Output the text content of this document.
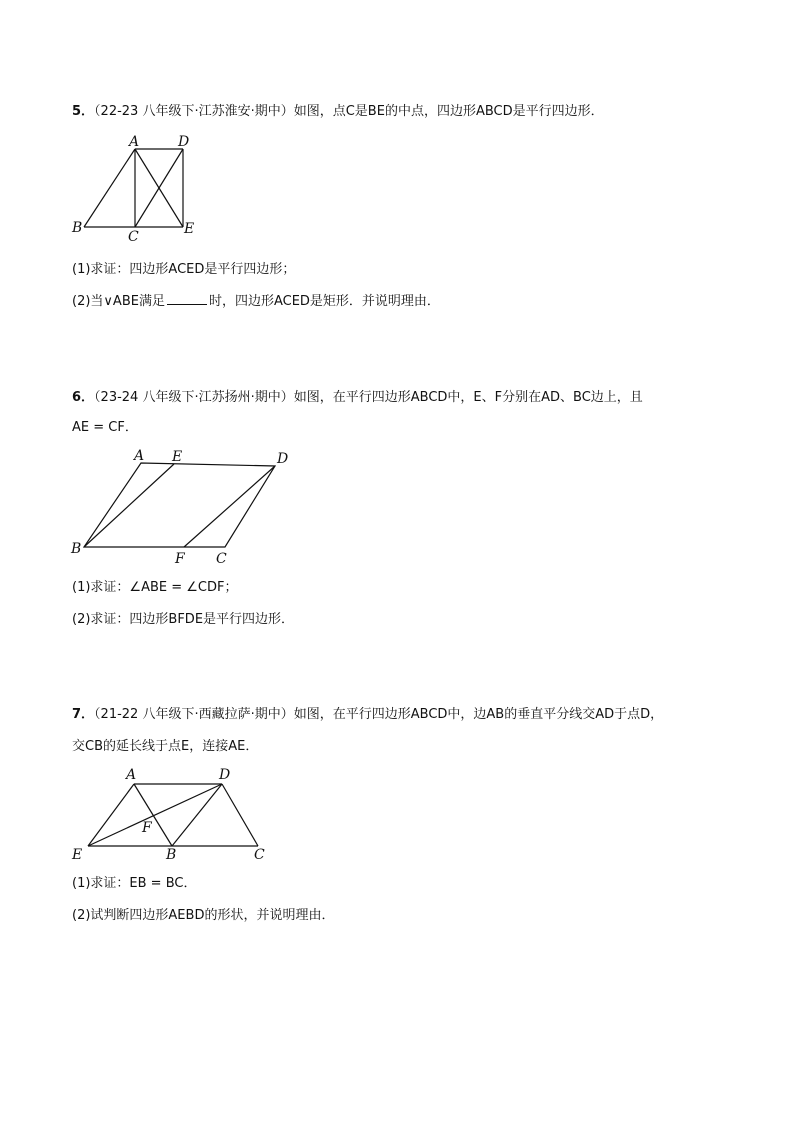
5．（22-23 八年级下·江苏淮安·期中）如图，点C是BE的中点，四边形ABCD是平行四边形．
A	D
B
C	E
A E	D
B
F C
A	D
F
E	B	C
(1)求证：四边形ACED是平行四边形；
(2)当∨ABE满足	时，四边形ACED是矩形．并说明理由．
6．（23-24 八年级下·江苏扬州·期中）如图，在平行四边形ABCD中，E、F分别在AD、BC边上，且
AE = CF．
(1)求证：∠ABE = ∠CDF；
(2)求证：四边形BFDE是平行四边形．
7．（21-22 八年级下·西藏拉萨·期中）如图，在平行四边形ABCD中，边AB的垂直平分线交AD于点D，
交CB的延长线于点E，连接AE．
(1)求证：EB = BC．
(2)试判断四边形AEBD的形状，并说明理由．
